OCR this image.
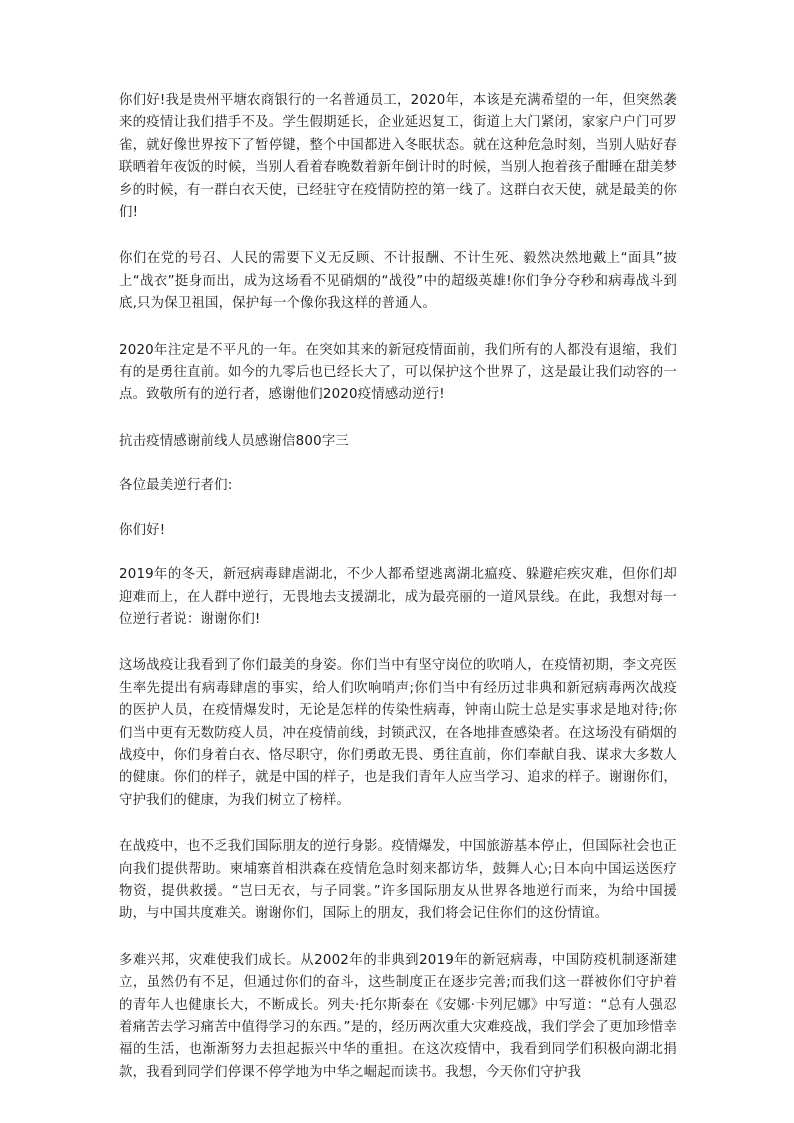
你们好!我是贵州平塘农商银行的一名普通员工，2020年，本该是充满希望的一年，但突然袭来的疫情让我们措手不及。学生假期延长，企业延迟复工，街道上大门紧闭，家家户户门可罗雀，就好像世界按下了暂停键，整个中国都进入冬眠状态。就在这种危急时刻，当别人贴好春联晒着年夜饭的时候，当别人看着春晚数着新年倒计时的时候，当别人抱着孩子酣睡在甜美梦乡的时候，有一群白衣天使，已经驻守在疫情防控的第一线了。这群白衣天使，就是最美的你们!

你们在党的号召、人民的需要下义无反顾、不计报酬、不计生死、毅然决然地戴上“面具”披上“战衣”挺身而出，成为这场看不见硝烟的“战役”中的超级英雄!你们争分夺秒和病毒战斗到底,只为保卫祖国，保护每一个像你我这样的普通人。

2020年注定是不平凡的一年。在突如其来的新冠疫情面前，我们所有的人都没有退缩，我们有的是勇往直前。如今的九零后也已经长大了，可以保护这个世界了，这是最让我们动容的一点。致敬所有的逆行者，感谢他们2020疫情感动逆行!

抗击疫情感谢前线人员感谢信800字三

各位最美逆行者们:

你们好!

2019年的冬天，新冠病毒肆虐湖北，不少人都希望逃离湖北瘟疫、躲避疟疾灾难，但你们却迎难而上，在人群中逆行，无畏地去支援湖北，成为最亮丽的一道风景线。在此，我想对每一位逆行者说：谢谢你们!

这场战疫让我看到了你们最美的身姿。你们当中有坚守岗位的吹哨人，在疫情初期，李文亮医生率先提出有病毒肆虐的事实，给人们吹响哨声;你们当中有经历过非典和新冠病毒两次战疫的医护人员，在疫情爆发时，无论是怎样的传染性病毒，钟南山院士总是实事求是地对待;你们当中更有无数防疫人员，冲在疫情前线，封锁武汉，在各地排查感染者。在这场没有硝烟的战疫中，你们身着白衣、恪尽职守，你们勇敢无畏、勇往直前，你们奉献自我、谋求大多数人的健康。你们的样子，就是中国的样子，也是我们青年人应当学习、追求的样子。谢谢你们，守护我们的健康，为我们树立了榜样。

在战疫中，也不乏我们国际朋友的逆行身影。疫情爆发，中国旅游基本停止，但国际社会也正向我们提供帮助。柬埔寨首相洪森在疫情危急时刻来都访华，鼓舞人心;日本向中国运送医疗物资，提供救援。“岂曰无衣，与子同裳。”许多国际朋友从世界各地逆行而来，为给中国援助，与中国共度难关。谢谢你们，国际上的朋友，我们将会记住你们的这份情谊。

多难兴邦，灾难使我们成长。从2002年的非典到2019年的新冠病毒，中国防疫机制逐渐建立，虽然仍有不足，但通过你们的奋斗，这些制度正在逐步完善;而我们这一群被你们守护着的青年人也健康长大，不断成长。列夫·托尔斯泰在《安娜·卡列尼娜》中写道：“总有人强忍着痛苦去学习痛苦中值得学习的东西。”是的，经历两次重大灾难疫战，我们学会了更加珍惜幸福的生活，也渐渐努力去担起振兴中华的重担。在这次疫情中，我看到同学们积极向湖北捐款，我看到同学们停课不停学地为中华之崛起而读书。我想，今天你们守护我
